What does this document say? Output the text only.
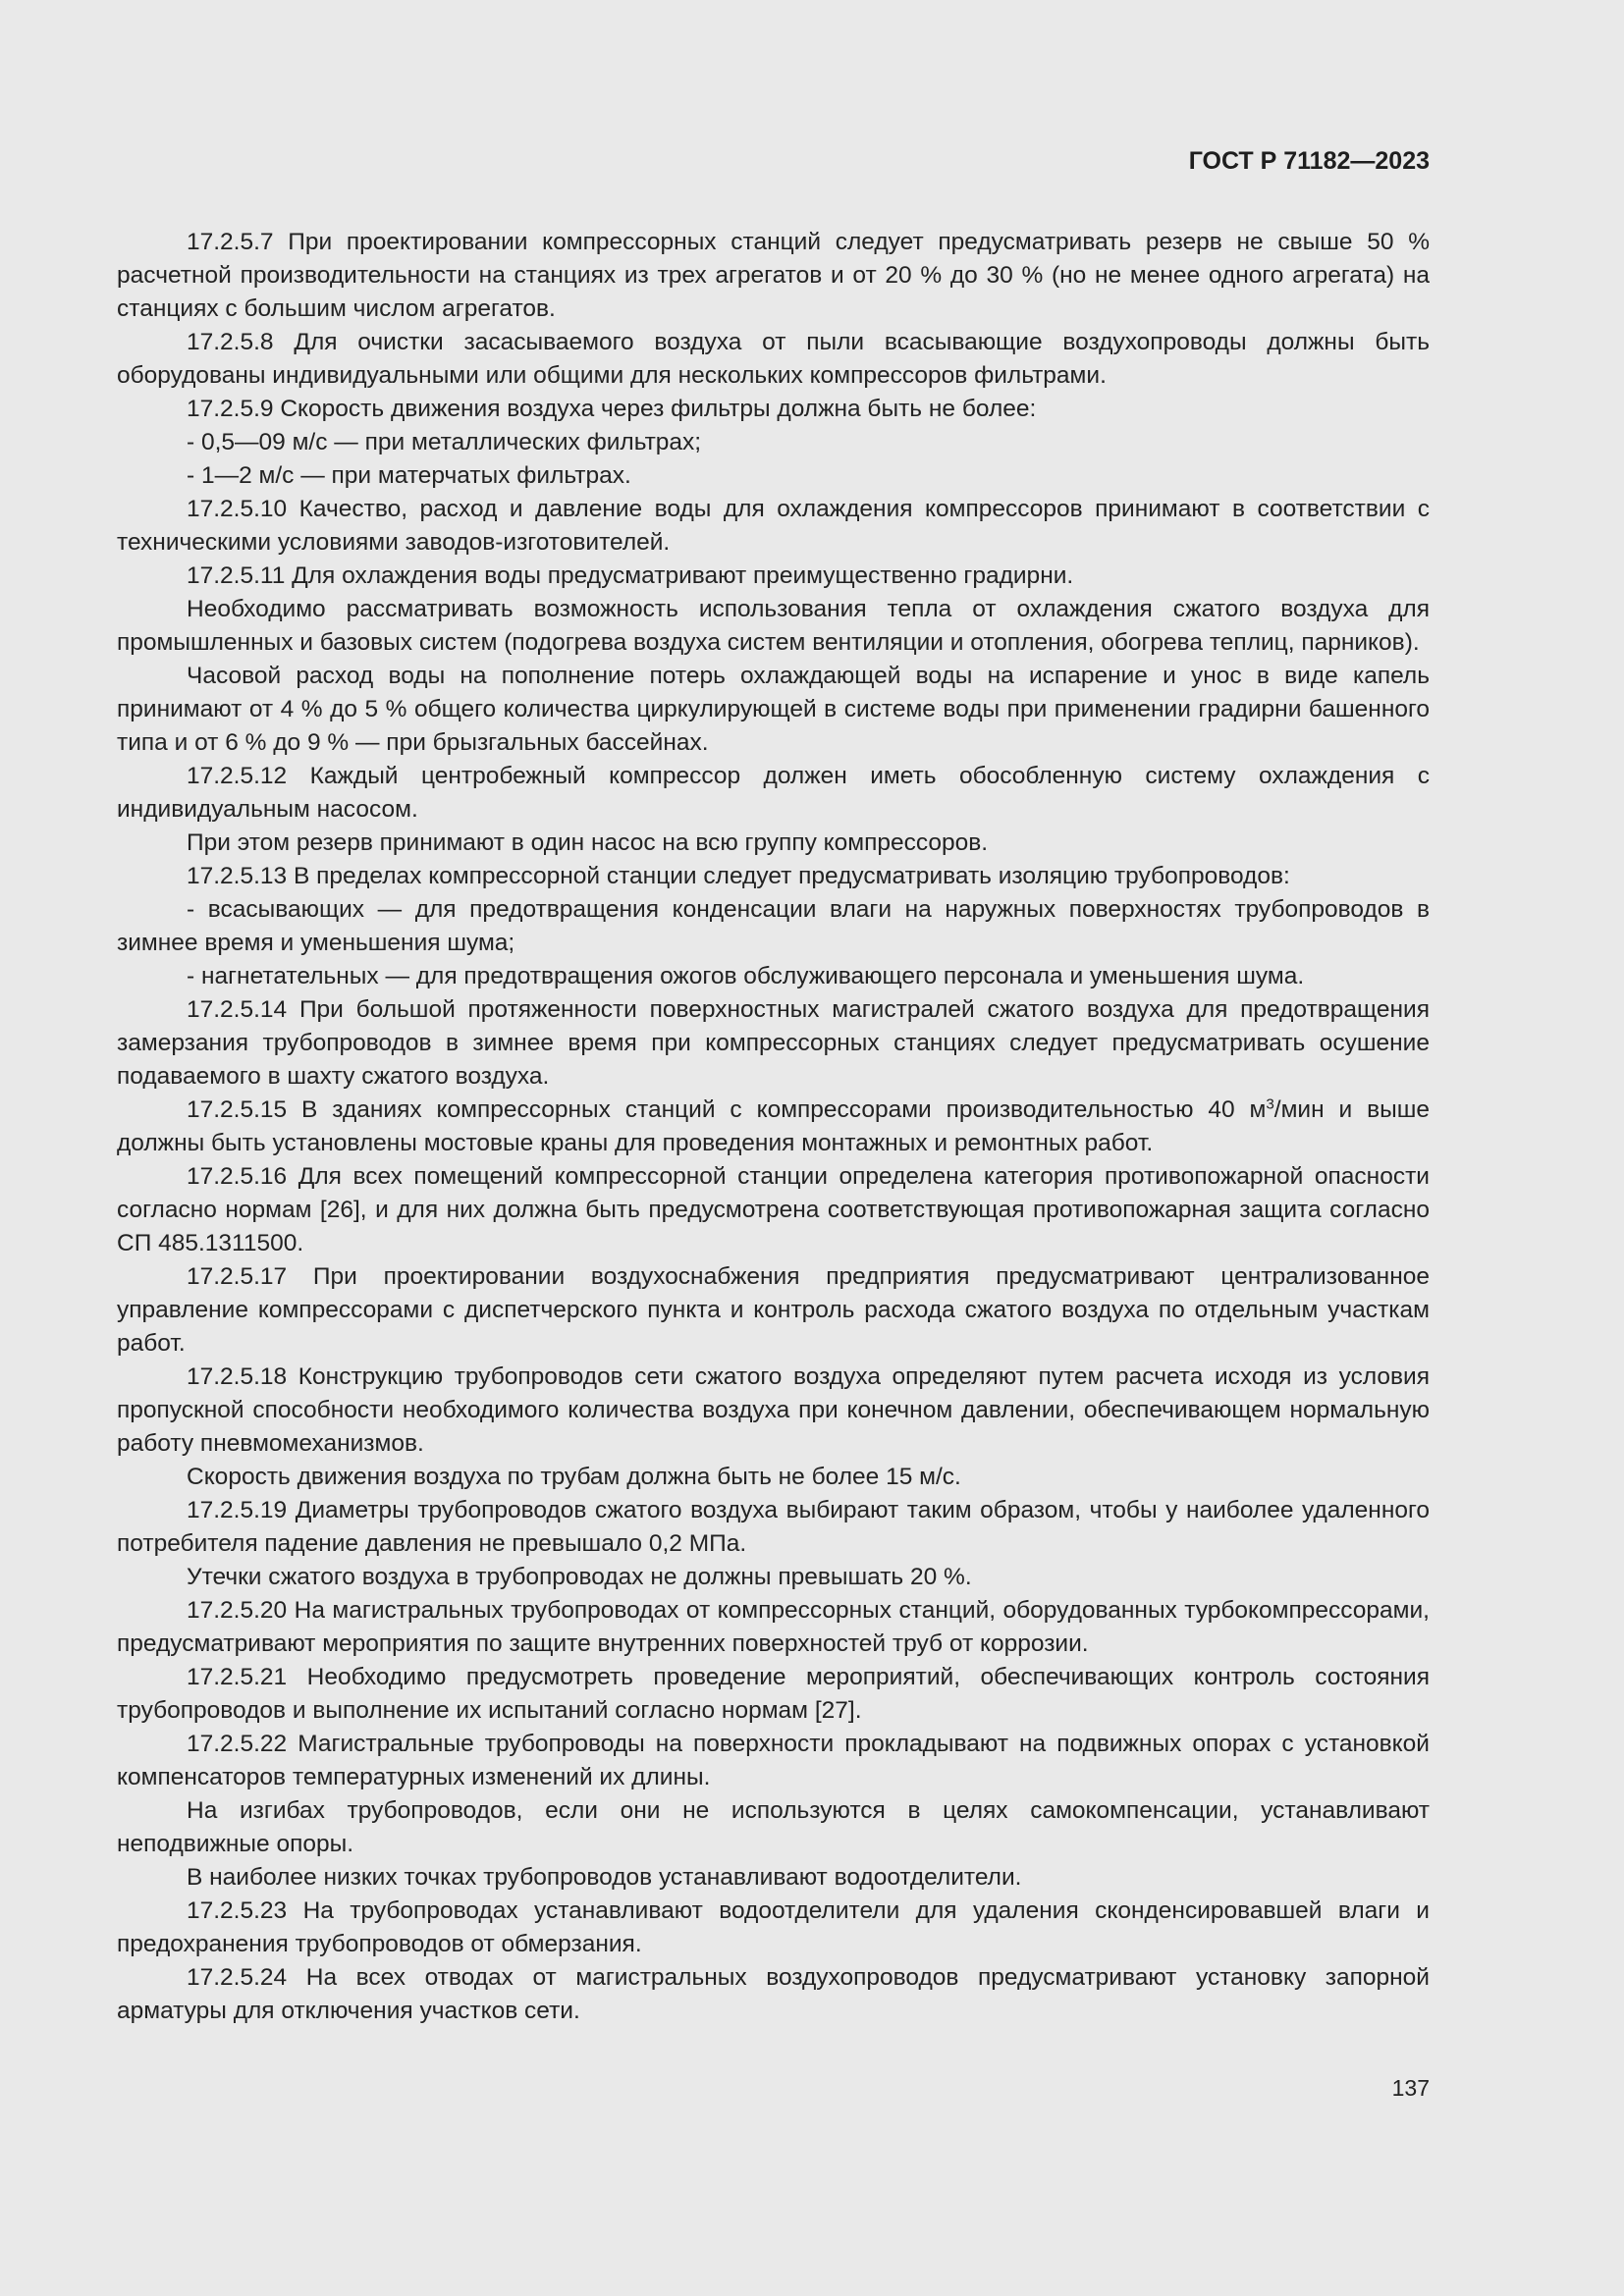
ГОСТ Р 71182—2023

17.2.5.7 При проектировании компрессорных станций следует предусматривать резерв не свыше 50 % расчетной производительности на станциях из трех агрегатов и от 20 % до 30 % (но не менее одного агрегата) на станциях с большим числом агрегатов.

17.2.5.8 Для очистки засасываемого воздуха от пыли всасывающие воздухопроводы должны быть оборудованы индивидуальными или общими для нескольких компрессоров фильтрами.

17.2.5.9 Скорость движения воздуха через фильтры должна быть не более:

- 0,5—09 м/с — при металлических фильтрах;

- 1—2 м/с — при матерчатых фильтрах.

17.2.5.10 Качество, расход и давление воды для охлаждения компрессоров принимают в соответствии с техническими условиями заводов-изготовителей.

17.2.5.11 Для охлаждения воды предусматривают преимущественно градирни.

Необходимо рассматривать возможность использования тепла от охлаждения сжатого воздуха для промышленных и базовых систем (подогрева воздуха систем вентиляции и отопления, обогрева теплиц, парников).

Часовой расход воды на пополнение потерь охлаждающей воды на испарение и унос в виде капель принимают от 4 % до 5 % общего количества циркулирующей в системе воды при применении градирни башенного типа и от 6 % до 9 % — при брызгальных бассейнах.

17.2.5.12 Каждый центробежный компрессор должен иметь обособленную систему охлаждения с индивидуальным насосом.

При этом резерв принимают в один насос на всю группу компрессоров.

17.2.5.13 В пределах компрессорной станции следует предусматривать изоляцию трубопроводов:

- всасывающих — для предотвращения конденсации влаги на наружных поверхностях трубопроводов в зимнее время и уменьшения шума;

- нагнетательных — для предотвращения ожогов обслуживающего персонала и уменьшения шума.

17.2.5.14 При большой протяженности поверхностных магистралей сжатого воздуха для предотвращения замерзания трубопроводов в зимнее время при компрессорных станциях следует предусматривать осушение подаваемого в шахту сжатого воздуха.

17.2.5.15 В зданиях компрессорных станций с компрессорами производительностью 40 $м^3$/мин и выше должны быть установлены мостовые краны для проведения монтажных и ремонтных работ.

17.2.5.16 Для всех помещений компрессорной станции определена категория противопожарной опасности согласно нормам [26], и для них должна быть предусмотрена соответствующая противопожарная защита согласно СП 485.1311500.

17.2.5.17 При проектировании воздухоснабжения предприятия предусматривают централизованное управление компрессорами с диспетчерского пункта и контроль расхода сжатого воздуха по отдельным участкам работ.

17.2.5.18 Конструкцию трубопроводов сети сжатого воздуха определяют путем расчета исходя из условия пропускной способности необходимого количества воздуха при конечном давлении, обеспечивающем нормальную работу пневмомеханизмов.

Скорость движения воздуха по трубам должна быть не более 15 м/с.

17.2.5.19 Диаметры трубопроводов сжатого воздуха выбирают таким образом, чтобы у наиболее удаленного потребителя падение давления не превышало 0,2 МПа.

Утечки сжатого воздуха в трубопроводах не должны превышать 20 %.

17.2.5.20 На магистральных трубопроводах от компрессорных станций, оборудованных турбокомпрессорами, предусматривают мероприятия по защите внутренних поверхностей труб от коррозии.

17.2.5.21 Необходимо предусмотреть проведение мероприятий, обеспечивающих контроль состояния трубопроводов и выполнение их испытаний согласно нормам [27].

17.2.5.22 Магистральные трубопроводы на поверхности прокладывают на подвижных опорах с установкой компенсаторов температурных изменений их длины.

На изгибах трубопроводов, если они не используются в целях самокомпенсации, устанавливают неподвижные опоры.

В наиболее низких точках трубопроводов устанавливают водоотделители.

17.2.5.23 На трубопроводах устанавливают водоотделители для удаления сконденсировавшей влаги и предохранения трубопроводов от обмерзания.

17.2.5.24 На всех отводах от магистральных воздухопроводов предусматривают установку запорной арматуры для отключения участков сети.

137
